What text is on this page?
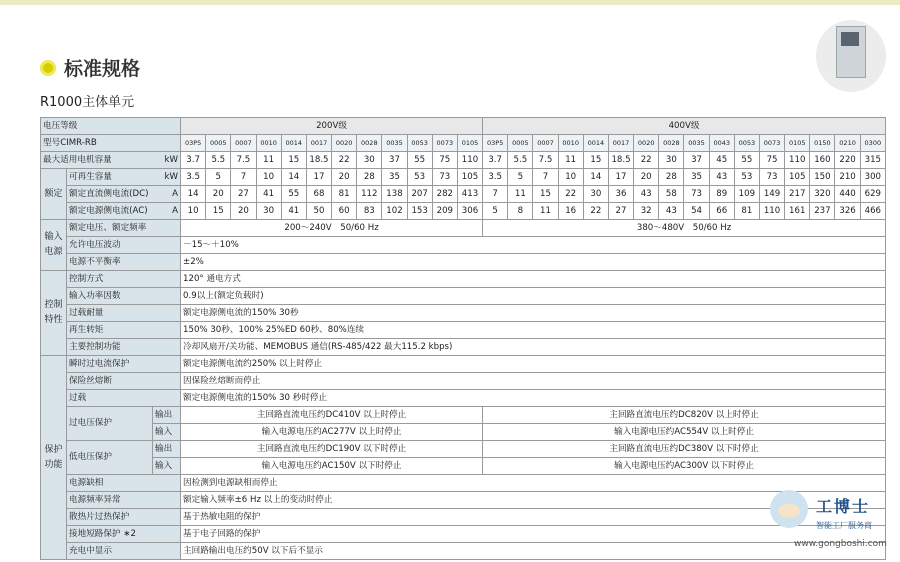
标准规格
R1000主体单元
电压等级			200V级												400V级															
型号CIMR-RB			03P5	0005	0007	0010	0014	0017	0020	0028	0035	0053	0073	0105	03P5	0005	0007	0010	0014	0017	0020	0028	0035	0043	0053	0073	0105	0150	0210	0300
最大适用电机容量 kW			3.7	5.5	7.5	11	15	18.5	22	30	37	55	75	110	3.7	5.5	7.5	11	15	18.5	22	30	37	45	55	75	110	160	220	315
额定	可再生容量 kW		3.5	5	7	10	14	17	20	28	35	53	73	105	3.5	5	7	10	14	17	20	28	35	43	53	73	105	150	210	300
	额定直流侧电流(DC) A		14	20	27	41	55	68	81	112	138	207	282	413	7	11	15	22	30	36	43	58	73	89	109	149	217	320	440	629
	额定电源侧电流(AC) A		10	15	20	30	41	50	60	83	102	153	209	306	5	8	11	16	22	27	32	43	54	66	81	110	161	237	326	466
输入电源	额定电压、额定频率		200～240V　50/60 Hz												380～480V　50/60 Hz															
	允许电压波动		－15～＋10%																											
	电源不平衡率		±2%																											
控制特性	控制方式		120° 通电方式																											
	输入功率因数		0.9以上(额定负载时)																											
	过载耐量		额定电源侧电流的150% 30秒																											
	再生转矩		150% 30秒、100% 25%ED 60秒、80%连续																											
	主要控制功能		冷却风扇开/关功能、MEMOBUS 通信(RS-485/422 最大115.2 kbps)																											
保护功能	瞬时过电流保护		额定电源侧电流约250% 以上时停止																											
	保险丝熔断		因保险丝熔断而停止																											
	过载		额定电源侧电流的150% 30 秒时停止																											
	过电压保护	输出	主回路直流电压约DC410V 以上时停止												主回路直流电压约DC820V 以上时停止															
		输入	输入电源电压约AC277V 以上时停止												输入电源电压约AC554V 以上时停止															
	低电压保护	输出	主回路直流电压约DC190V 以下时停止												主回路直流电压约DC380V 以下时停止															
		输入	输入电源电压约AC150V 以下时停止												输入电源电压约AC300V 以下时停止															
	电源缺相		因检测到电源缺相而停止																											
	电源频率异常		额定输入频率±6 Hz 以上的变动时停止																											
	散热片过热保护		基于热敏电阻的保护																											
	接地短路保护 ∗2		基于电子回路的保护																											
	充电中显示		主回路输出电压约50V 以下后不显示																											
工博士
智能工厂服务商
www.gongboshi.com
